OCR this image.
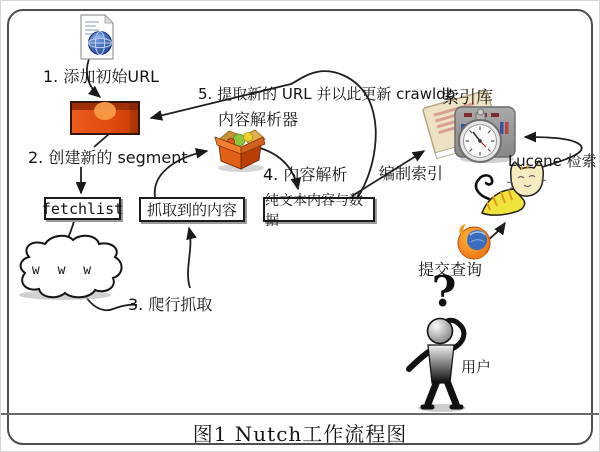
1. 添加初始URL
2. 创建新的 segment
3. 爬行抓取
4. 内容解析
5. 提取新的 URL 并以此更新 crawldb
内容解析器
索引库
编制索引
Lucene 检索
提交查询
用户
?
w w w
fetchlist	抓取到的内容
纯文本内容与数据
图1 Nutch工作流程图
